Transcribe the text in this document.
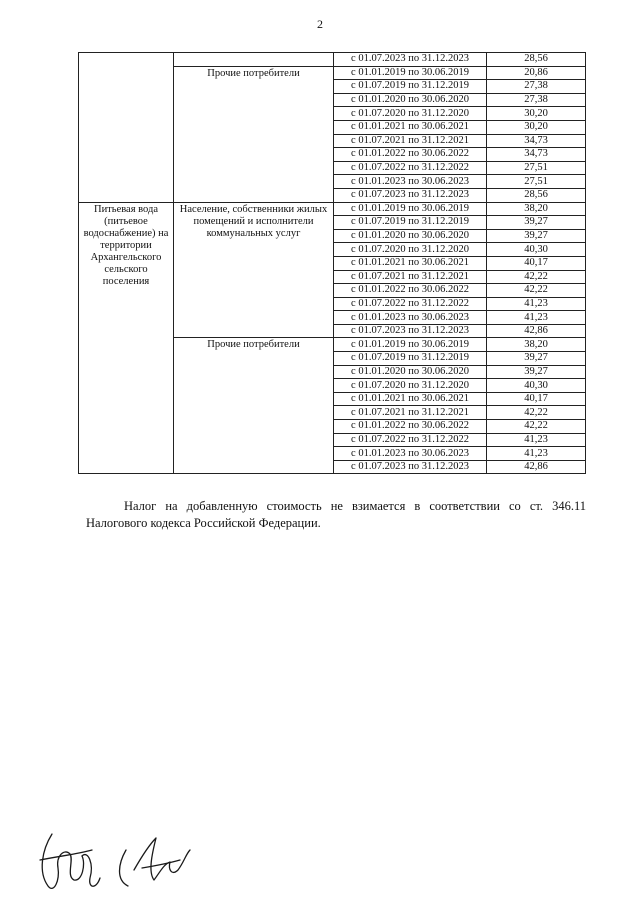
2
		с 01.07.2023 по 31.12.2023	28,56
	Прочие потребители	с 01.01.2019 по 30.06.2019	20,86
		с 01.07.2019 по 31.12.2019	27,38
		с 01.01.2020 по 30.06.2020	27,38
		с 01.07.2020 по 31.12.2020	30,20
		с 01.01.2021 по 30.06.2021	30,20
		с 01.07.2021 по 31.12.2021	34,73
		с 01.01.2022 по 30.06.2022	34,73
		с 01.07.2022 по 31.12.2022	27,51
		с 01.01.2023 по 30.06.2023	27,51
		с 01.07.2023 по 31.12.2023	28,56
Питьевая вода (питьевое водоснабжение) на территории Архангельского сельского поселения	Население, собственники жилых помещений и исполнители коммунальных услуг	с 01.01.2019 по 30.06.2019	38,20
		с 01.07.2019 по 31.12.2019	39,27
		с 01.01.2020 по 30.06.2020	39,27
		с 01.07.2020 по 31.12.2020	40,30
		с 01.01.2021 по 30.06.2021	40,17
		с 01.07.2021 по 31.12.2021	42,22
		с 01.01.2022 по 30.06.2022	42,22
		с 01.07.2022 по 31.12.2022	41,23
		с 01.01.2023 по 30.06.2023	41,23
		с 01.07.2023 по 31.12.2023	42,86
	Прочие потребители	с 01.01.2019 по 30.06.2019	38,20
		с 01.07.2019 по 31.12.2019	39,27
		с 01.01.2020 по 30.06.2020	39,27
		с 01.07.2020 по 31.12.2020	40,30
		с 01.01.2021 по 30.06.2021	40,17
		с 01.07.2021 по 31.12.2021	42,22
		с 01.01.2022 по 30.06.2022	42,22
		с 01.07.2022 по 31.12.2022	41,23
		с 01.01.2023 по 30.06.2023	41,23
		с 01.07.2023 по 31.12.2023	42,86
Налог на добавленную стоимость не взимается в соответствии со ст. 346.11
Налогового кодекса Российской Федерации.
